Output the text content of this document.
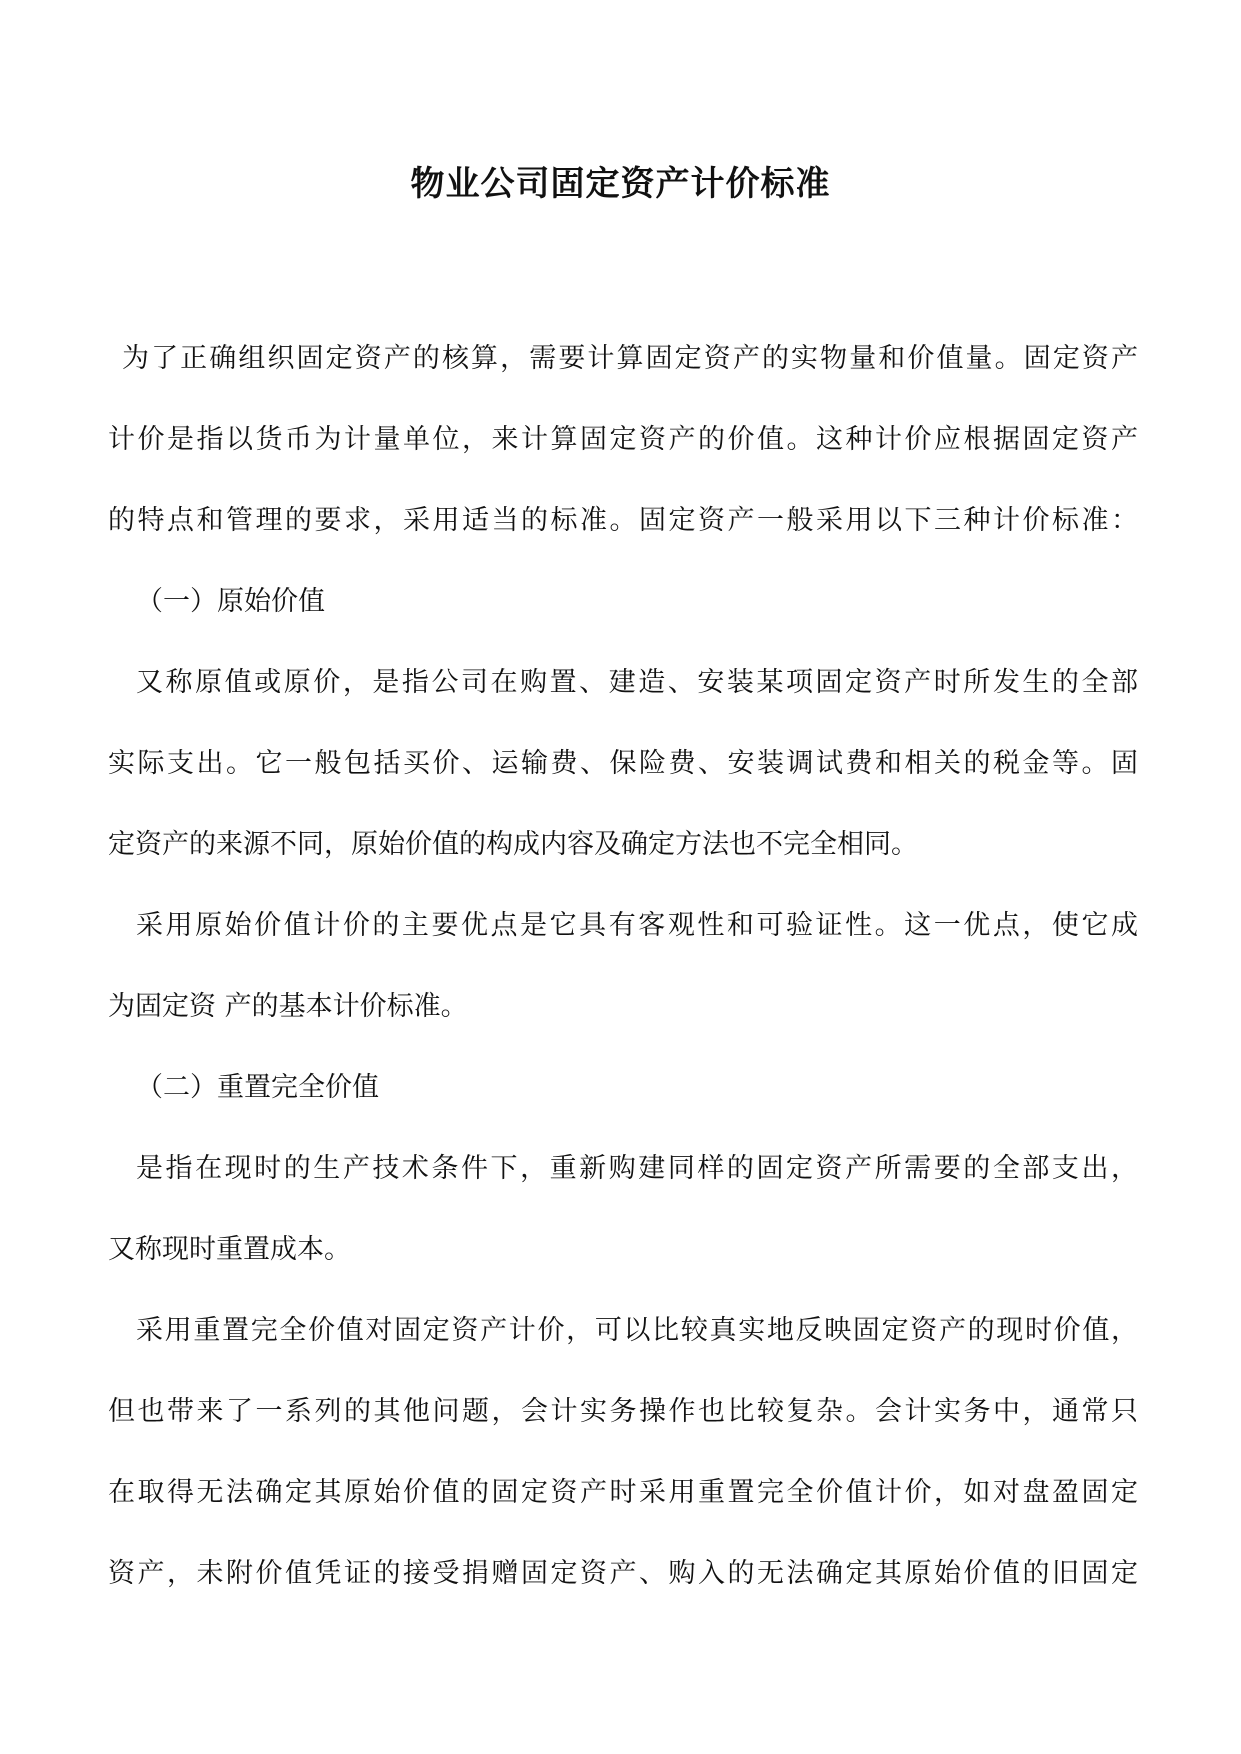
物业公司固定资产计价标准
为了正确组织固定资产的核算，需要计算固定资产的实物量和价值量。固定资产
计价是指以货币为计量单位，来计算固定资产的价值。这种计价应根据固定资产
的特点和管理的要求，采用适当的标准。固定资产一般采用以下三种计价标准：
（一）原始价值
又称原值或原价，是指公司在购置、建造、安装某项固定资产时所发生的全部
实际支出。它一般包括买价、运输费、保险费、安装调试费和相关的税金等。固
定资产的来源不同，原始价值的构成内容及确定方法也不完全相同。
采用原始价值计价的主要优点是它具有客观性和可验证性。这一优点，使它成
为固定资 产的基本计价标准。
（二）重置完全价值
是指在现时的生产技术条件下，重新购建同样的固定资产所需要的全部支出，
又称现时重置成本。
采用重置完全价值对固定资产计价，可以比较真实地反映固定资产的现时价值，
但也带来了一系列的其他问题，会计实务操作也比较复杂。会计实务中，通常只
在取得无法确定其原始价值的固定资产时采用重置完全价值计价，如对盘盈固定
资产，未附价值凭证的接受捐赠固定资产、购入的无法确定其原始价值的旧固定
